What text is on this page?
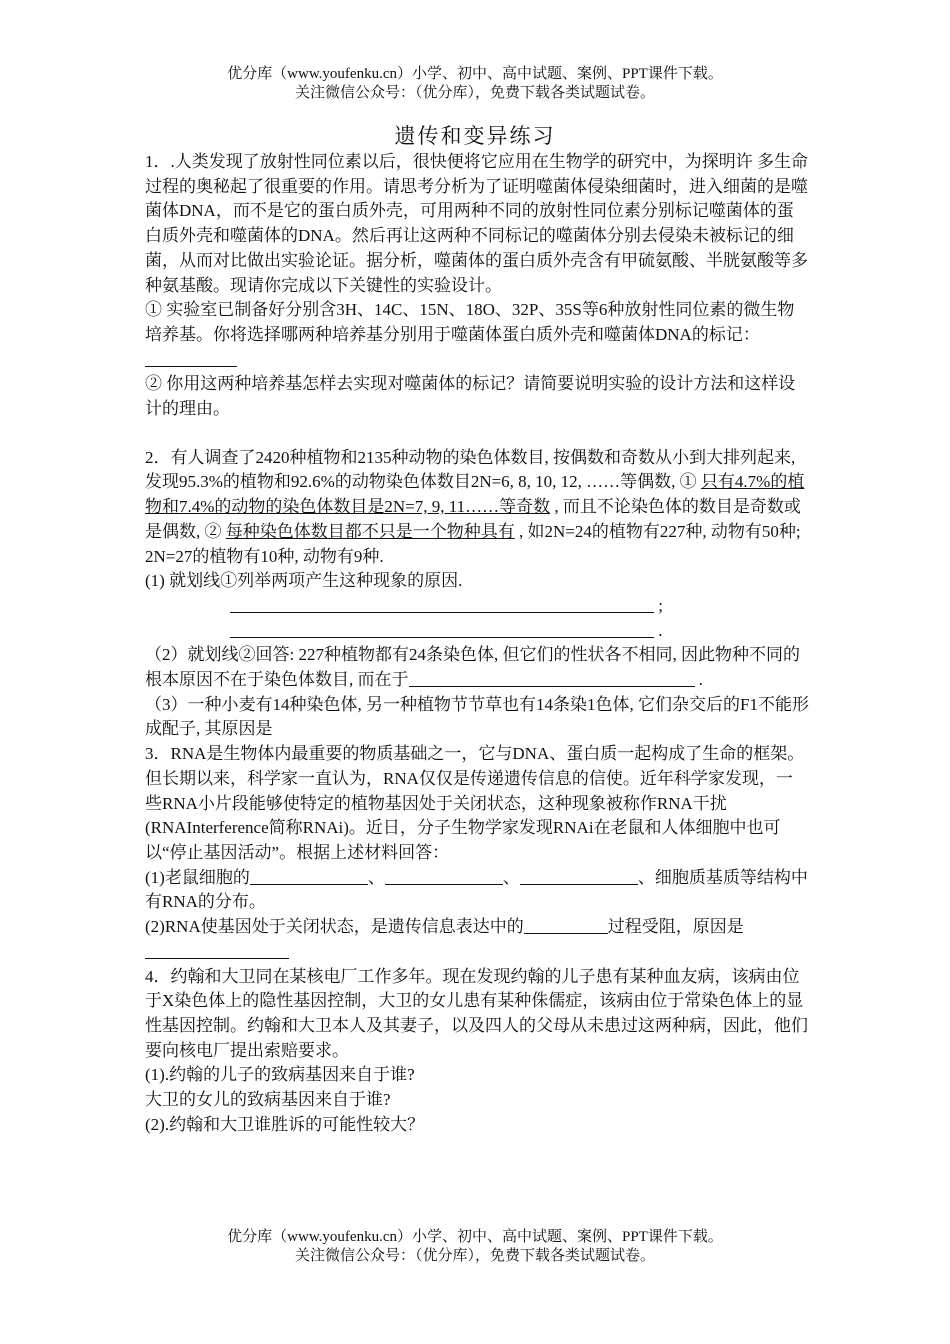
优分库（www.youfenku.cn）小学、初中、高中试题、案例、PPT课件下载。
关注微信公众号：（优分库），免费下载各类试题试卷。
遗传和变异练习

1．.人类发现了放射性同位素以后，很快便将它应用在生物学的研究中，为探明许 多生命过程的奥秘起了很重要的作用。请思考分析为了证明噬菌体侵染细菌时，进入细菌的是噬菌体DNA，而不是它的蛋白质外壳，可用两种不同的放射性同位素分别标记噬菌体的蛋白质外壳和噬菌体的DNA。然后再让这两种不同标记的噬菌体分别去侵染未被标记的细菌，从而对比做出实验论证。据分析，噬菌体的蛋白质外壳含有甲硫氨酸、半胱氨酸等多种氨基酸。现请你完成以下关键性的实验设计。

① 实验室已制备好分别含3H、14C、15N、18O、32P、35S等6种放射性同位素的微生物培养基。你将选择哪两种培养基分别用于噬菌体蛋白质外壳和噬菌体DNA的标记：

② 你用这两种培养基怎样去实现对噬菌体的标记？请简要说明实验的设计方法和这样设计的理由。

2．有人调查了2420种植物和2135种动物的染色体数目, 按偶数和奇数从小到大排列起来, 发现95.3%的植物和92.6%的动物染色体数目2N=6, 8, 10, 12, ……等偶数, ① 只有4.7%的植物和7.4%的动物的染色体数目是2N=7, 9, 11……等奇数 , 而且不论染色体的数目是奇数或是偶数, ② 每种染色体数目都不只是一个物种具有 , 如2N=24的植物有227种, 动物有50种; 2N=27的植物有10种, 动物有9种.

(1) 就划线①列举两项产生这种现象的原因.

;

.

（2）就划线②回答: 227种植物都有24条染色体, 但它们的性状各不相同, 因此物种不同的根本原因不在于染色体数目, 而在于	.

（3）一种小麦有14种染色体, 另一种植物节节草也有14条染1色体, 它们杂交后的F1不能形成配子, 其原因是

3．RNA是生物体内最重要的物质基础之一，它与DNA、蛋白质一起构成了生命的框架。但长期以来，科学家一直认为，RNA仅仅是传递遗传信息的信使。近年科学家发现，一些RNA小片段能够使特定的植物基因处于关闭状态，这种现象被称作RNA干扰(RNAInterference简称RNAi)。近日，分子生物学家发现RNAi在老鼠和人体细胞中也可以“停止基因活动”。根据上述材料回答：

(1)老鼠细胞的	、	、	、细胞质基质等结构中有RNA的分布。

(2)RNA使基因处于关闭状态，是遗传信息表达中的	过程受阻，原因是

4．约翰和大卫同在某核电厂工作多年。现在发现约翰的儿子患有某种血友病，该病由位于X染色体上的隐性基因控制，大卫的女儿患有某种侏儒症，该病由位于常染色体上的显性基因控制。约翰和大卫本人及其妻子，以及四人的父母从未患过这两种病，因此，他们要向核电厂提出索赔要求。

(1).约翰的儿子的致病基因来自于谁?

大卫的女儿的致病基因来自于谁?

(2).约翰和大卫谁胜诉的可能性较大？

优分库（www.youfenku.cn）小学、初中、高中试题、案例、PPT课件下载。
关注微信公众号：（优分库），免费下载各类试题试卷。
